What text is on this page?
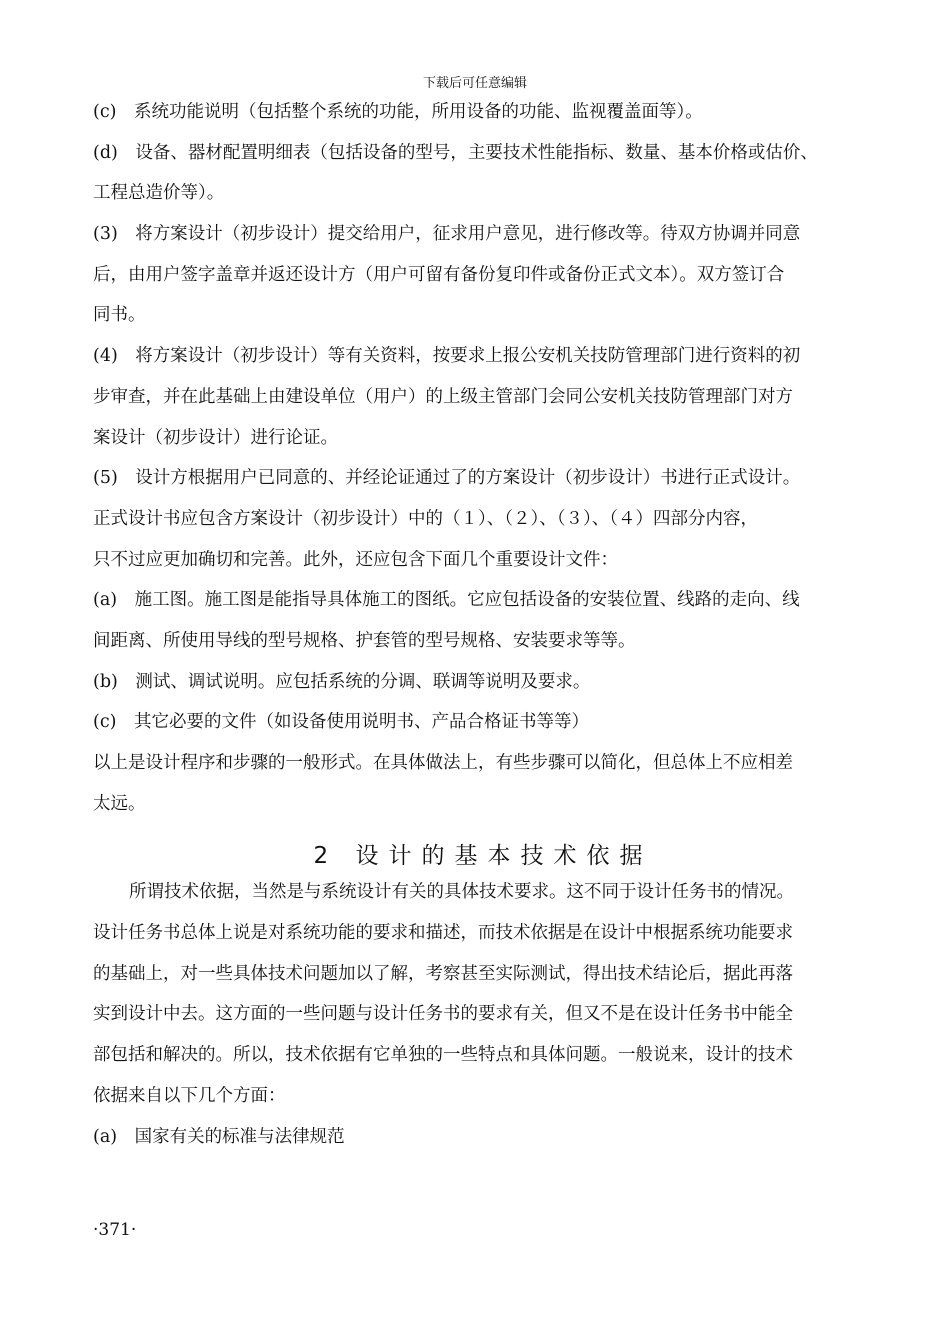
下载后可任意编辑
(c)　系统功能说明（包括整个系统的功能，所用设备的功能、监视覆盖面等）。
(d)　设备、器材配置明细表（包括设备的型号，主要技术性能指标、数量、基本价格或估价、
工程总造价等）。
(3)　将方案设计（初步设计）提交给用户，征求用户意见，进行修改等。待双方协调并同意
后，由用户签字盖章并返还设计方（用户可留有备份复印件或备份正式文本）。双方签订合
同书。
(4)　将方案设计（初步设计）等有关资料，按要求上报公安机关技防管理部门进行资料的初
步审查，并在此基础上由建设单位（用户）的上级主管部门会同公安机关技防管理部门对方
案设计（初步设计）进行论证。
(5)　设计方根据用户已同意的、并经论证通过了的方案设计（初步设计）书进行正式设计。
正式设计书应包含方案设计（初步设计）中的（１）、（２）、（３）、（４）四部分内容，
只不过应更加确切和完善。此外，还应包含下面几个重要设计文件：
(a)　施工图。施工图是能指导具体施工的图纸。它应包括设备的安装位置、线路的走向、线
间距离、所使用导线的型号规格、护套管的型号规格、安装要求等等。
(b)　测试、调试说明。应包括系统的分调、联调等说明及要求。
(c)　其它必要的文件（如设备使用说明书、产品合格证书等等）
以上是设计程序和步骤的一般形式。在具体做法上，有些步骤可以简化，但总体上不应相差
太远。
2 设计的基本技术依据
所谓技术依据，当然是与系统设计有关的具体技术要求。这不同于设计任务书的情况。
设计任务书总体上说是对系统功能的要求和描述，而技术依据是在设计中根据系统功能要求
的基础上，对一些具体技术问题加以了解，考察甚至实际测试，得出技术结论后，据此再落
实到设计中去。这方面的一些问题与设计任务书的要求有关，但又不是在设计任务书中能全
部包括和解决的。所以，技术依据有它单独的一些特点和具体问题。一般说来，设计的技术
依据来自以下几个方面：
(a)　国家有关的标准与法律规范
·371·
